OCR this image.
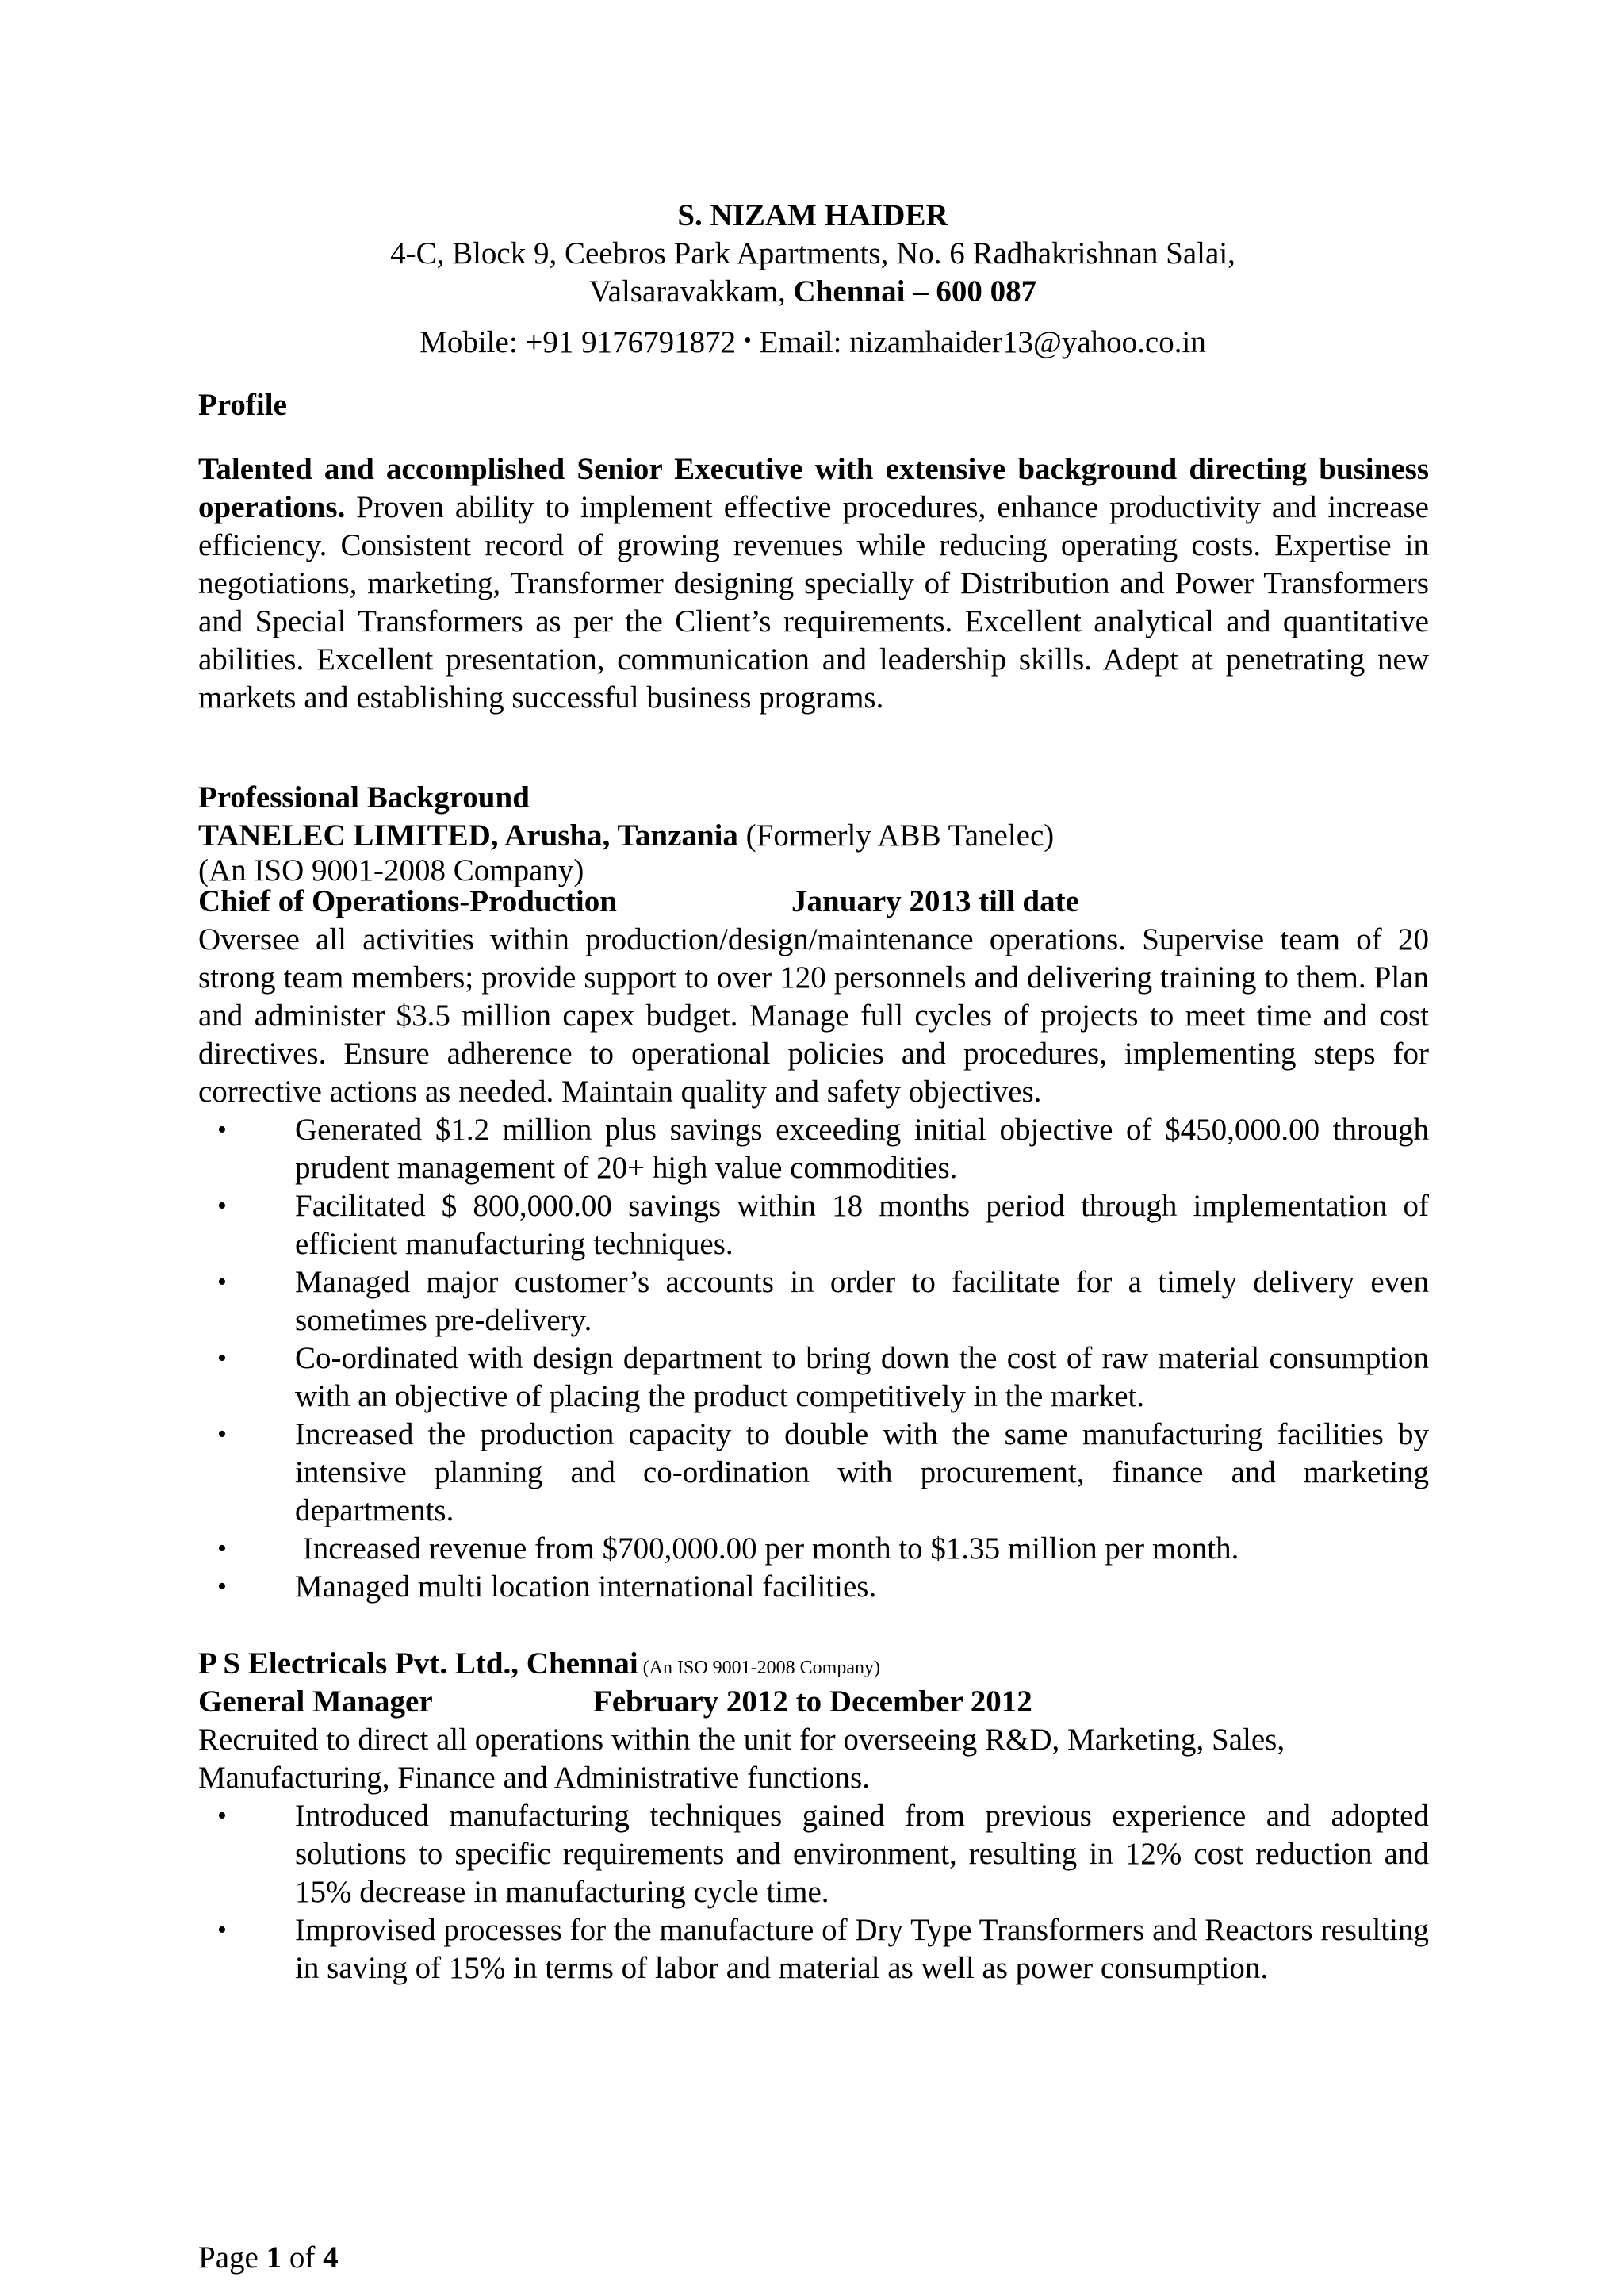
S. NIZAM HAIDER
4-C, Block 9, Ceebros Park Apartments, No. 6 Radhakrishnan Salai,
Valsaravakkam, Chennai – 600 087
Mobile: +91 9176791872 • Email: nizamhaider13@yahoo.co.in
Profile
Talented and accomplished Senior Executive with extensive background directing business operations. Proven ability to implement effective procedures, enhance productivity and increase efficiency. Consistent record of growing revenues while reducing operating costs. Expertise in negotiations, marketing, Transformer designing specially of Distribution and Power Transformers and Special Transformers as per the Client’s requirements. Excellent analytical and quantitative abilities. Excellent presentation, communication and leadership skills. Adept at penetrating new markets and establishing successful business programs.
Professional Background
TANELEC LIMITED, Arusha, Tanzania (Formerly ABB Tanelec)
(An ISO 9001-2008 Company)
Chief of Operations-Production	January 2013 till date
Oversee all activities within production/design/maintenance operations. Supervise team of 20 strong team members; provide support to over 120 personnels and delivering training to them. Plan and administer $3.5 million capex budget. Manage full cycles of projects to meet time and cost directives. Ensure adherence to operational policies and procedures, implementing steps for corrective actions as needed. Maintain quality and safety objectives.
• Generated $1.2 million plus savings exceeding initial objective of $450,000.00 through prudent management of 20+ high value commodities.
• Facilitated $ 800,000.00 savings within 18 months period through implementation of efficient manufacturing techniques.
• Managed major customer’s accounts in order to facilitate for a timely delivery even sometimes pre-delivery.
• Co-ordinated with design department to bring down the cost of raw material consumption with an objective of placing the product competitively in the market.
• Increased the production capacity to double with the same manufacturing facilities by intensive planning and co-ordination with procurement, finance and marketing departments.
• Increased revenue from $700,000.00 per month to $1.35 million per month.
• Managed multi location international facilities.
P S Electricals Pvt. Ltd., Chennai (An ISO 9001-2008 Company)
General Manager	February 2012 to December 2012
Recruited to direct all operations within the unit for overseeing R&D, Marketing, Sales, Manufacturing, Finance and Administrative functions.
• Introduced manufacturing techniques gained from previous experience and adopted solutions to specific requirements and environment, resulting in 12% cost reduction and 15% decrease in manufacturing cycle time.
• Improvised processes for the manufacture of Dry Type Transformers and Reactors resulting in saving of 15% in terms of labor and material as well as power consumption.
Page 1 of 4
